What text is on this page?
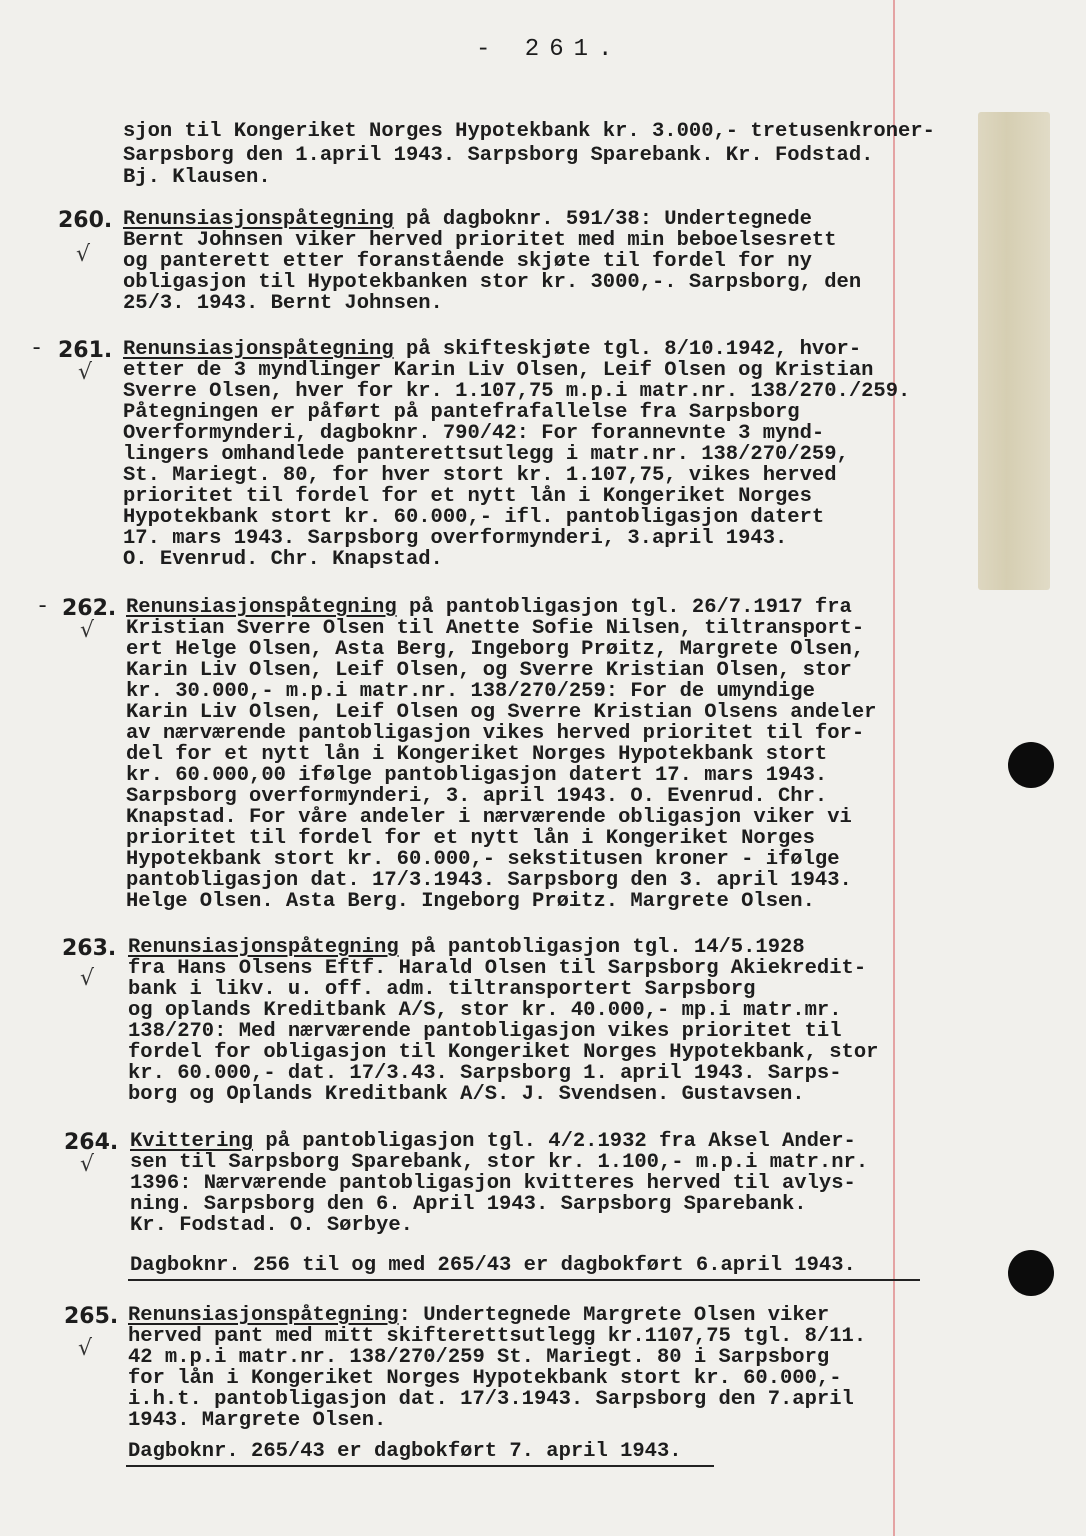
- 261.
sjon til Kongeriket Norges Hypotekbank kr. 3.000,- tretusenkroner-
Sarpsborg den 1.april 1943. Sarpsborg Sparebank. Kr. Fodstad.
Bj. Klausen.
260.
√
Renunsiasjonspåtegning på dagboknr. 591/38: Undertegnede
Bernt Johnsen viker herved prioritet med min beboelsesrett
og panterett etter foranstående skjøte til fordel for ny
obligasjon til Hypotekbanken stor kr. 3000,-. Sarpsborg, den
25/3. 1943. Bernt Johnsen.
- 261.
√
Renunsiasjonspåtegning på skifteskjøte tgl. 8/10.1942, hvor-
etter de 3 myndlinger Karin Liv Olsen, Leif Olsen og Kristian
Sverre Olsen, hver for kr. 1.107,75 m.p.i matr.nr. 138/270./259.
Påtegningen er påført på pantefrafallelse fra Sarpsborg
Overformynderi, dagboknr. 790/42: For forannevnte 3 mynd-
lingers omhandlede panterettsutlegg i matr.nr. 138/270/259,
St. Mariegt. 80, for hver stort kr. 1.107,75, vikes herved
prioritet til fordel for et nytt lån i Kongeriket Norges
Hypotekbank stort kr. 60.000,- ifl. pantobligasjon datert
17. mars 1943. Sarpsborg overformynderi, 3.april 1943.
O. Evenrud. Chr. Knapstad.
- 262.
√
Renunsiasjonspåtegning på pantobligasjon tgl. 26/7.1917 fra
Kristian Sverre Olsen til Anette Sofie Nilsen, tiltransport-
ert Helge Olsen, Asta Berg, Ingeborg Prøitz, Margrete Olsen,
Karin Liv Olsen, Leif Olsen, og Sverre Kristian Olsen, stor
kr. 30.000,- m.p.i matr.nr. 138/270/259: For de umyndige
Karin Liv Olsen, Leif Olsen og Sverre Kristian Olsens andeler
av nærværende pantobligasjon vikes herved prioritet til for-
del for et nytt lån i Kongeriket Norges Hypotekbank stort
kr. 60.000,00 ifølge pantobligasjon datert 17. mars 1943.
Sarpsborg overformynderi, 3. april 1943. O. Evenrud. Chr.
Knapstad. For våre andeler i nærværende obligasjon viker vi
prioritet til fordel for et nytt lån i Kongeriket Norges
Hypotekbank stort kr. 60.000,- sekstitusen kroner - ifølge
pantobligasjon dat. 17/3.1943. Sarpsborg den 3. april 1943.
Helge Olsen. Asta Berg. Ingeborg Prøitz. Margrete Olsen.
263.
√
Renunsiasjonspåtegning på pantobligasjon tgl. 14/5.1928
fra Hans Olsens Eftf. Harald Olsen til Sarpsborg Akiekredit-
bank i likv. u. off. adm. tiltransportert Sarpsborg
og oplands Kreditbank A/S, stor kr. 40.000,- mp.i matr.mr.
138/270: Med nærværende pantobligasjon vikes prioritet til
fordel for obligasjon til Kongeriket Norges Hypotekbank, stor
kr. 60.000,- dat. 17/3.43. Sarpsborg 1. april 1943. Sarps-
borg og Oplands Kreditbank A/S. J. Svendsen. Gustavsen.
264.
√
Kvittering på pantobligasjon tgl. 4/2.1932 fra Aksel Ander-
sen til Sarpsborg Sparebank, stor kr. 1.100,- m.p.i matr.nr.
1396: Nærværende pantobligasjon kvitteres herved til avlys-
ning. Sarpsborg den 6. April 1943. Sarpsborg Sparebank.
Kr. Fodstad. O. Sørbye.
Dagboknr. 256 til og med 265/43 er dagbokført 6.april 1943.
265.
√
Renunsiasjonspåtegning: Undertegnede Margrete Olsen viker
herved pant med mitt skifterettsutlegg kr.1107,75 tgl. 8/11.
42 m.p.i matr.nr. 138/270/259 St. Mariegt. 80 i Sarpsborg
for lån i Kongeriket Norges Hypotekbank stort kr. 60.000,-
i.h.t. pantobligasjon dat. 17/3.1943. Sarpsborg den 7.april
1943. Margrete Olsen.
Dagboknr. 265/43 er dagbokført 7. april 1943.
